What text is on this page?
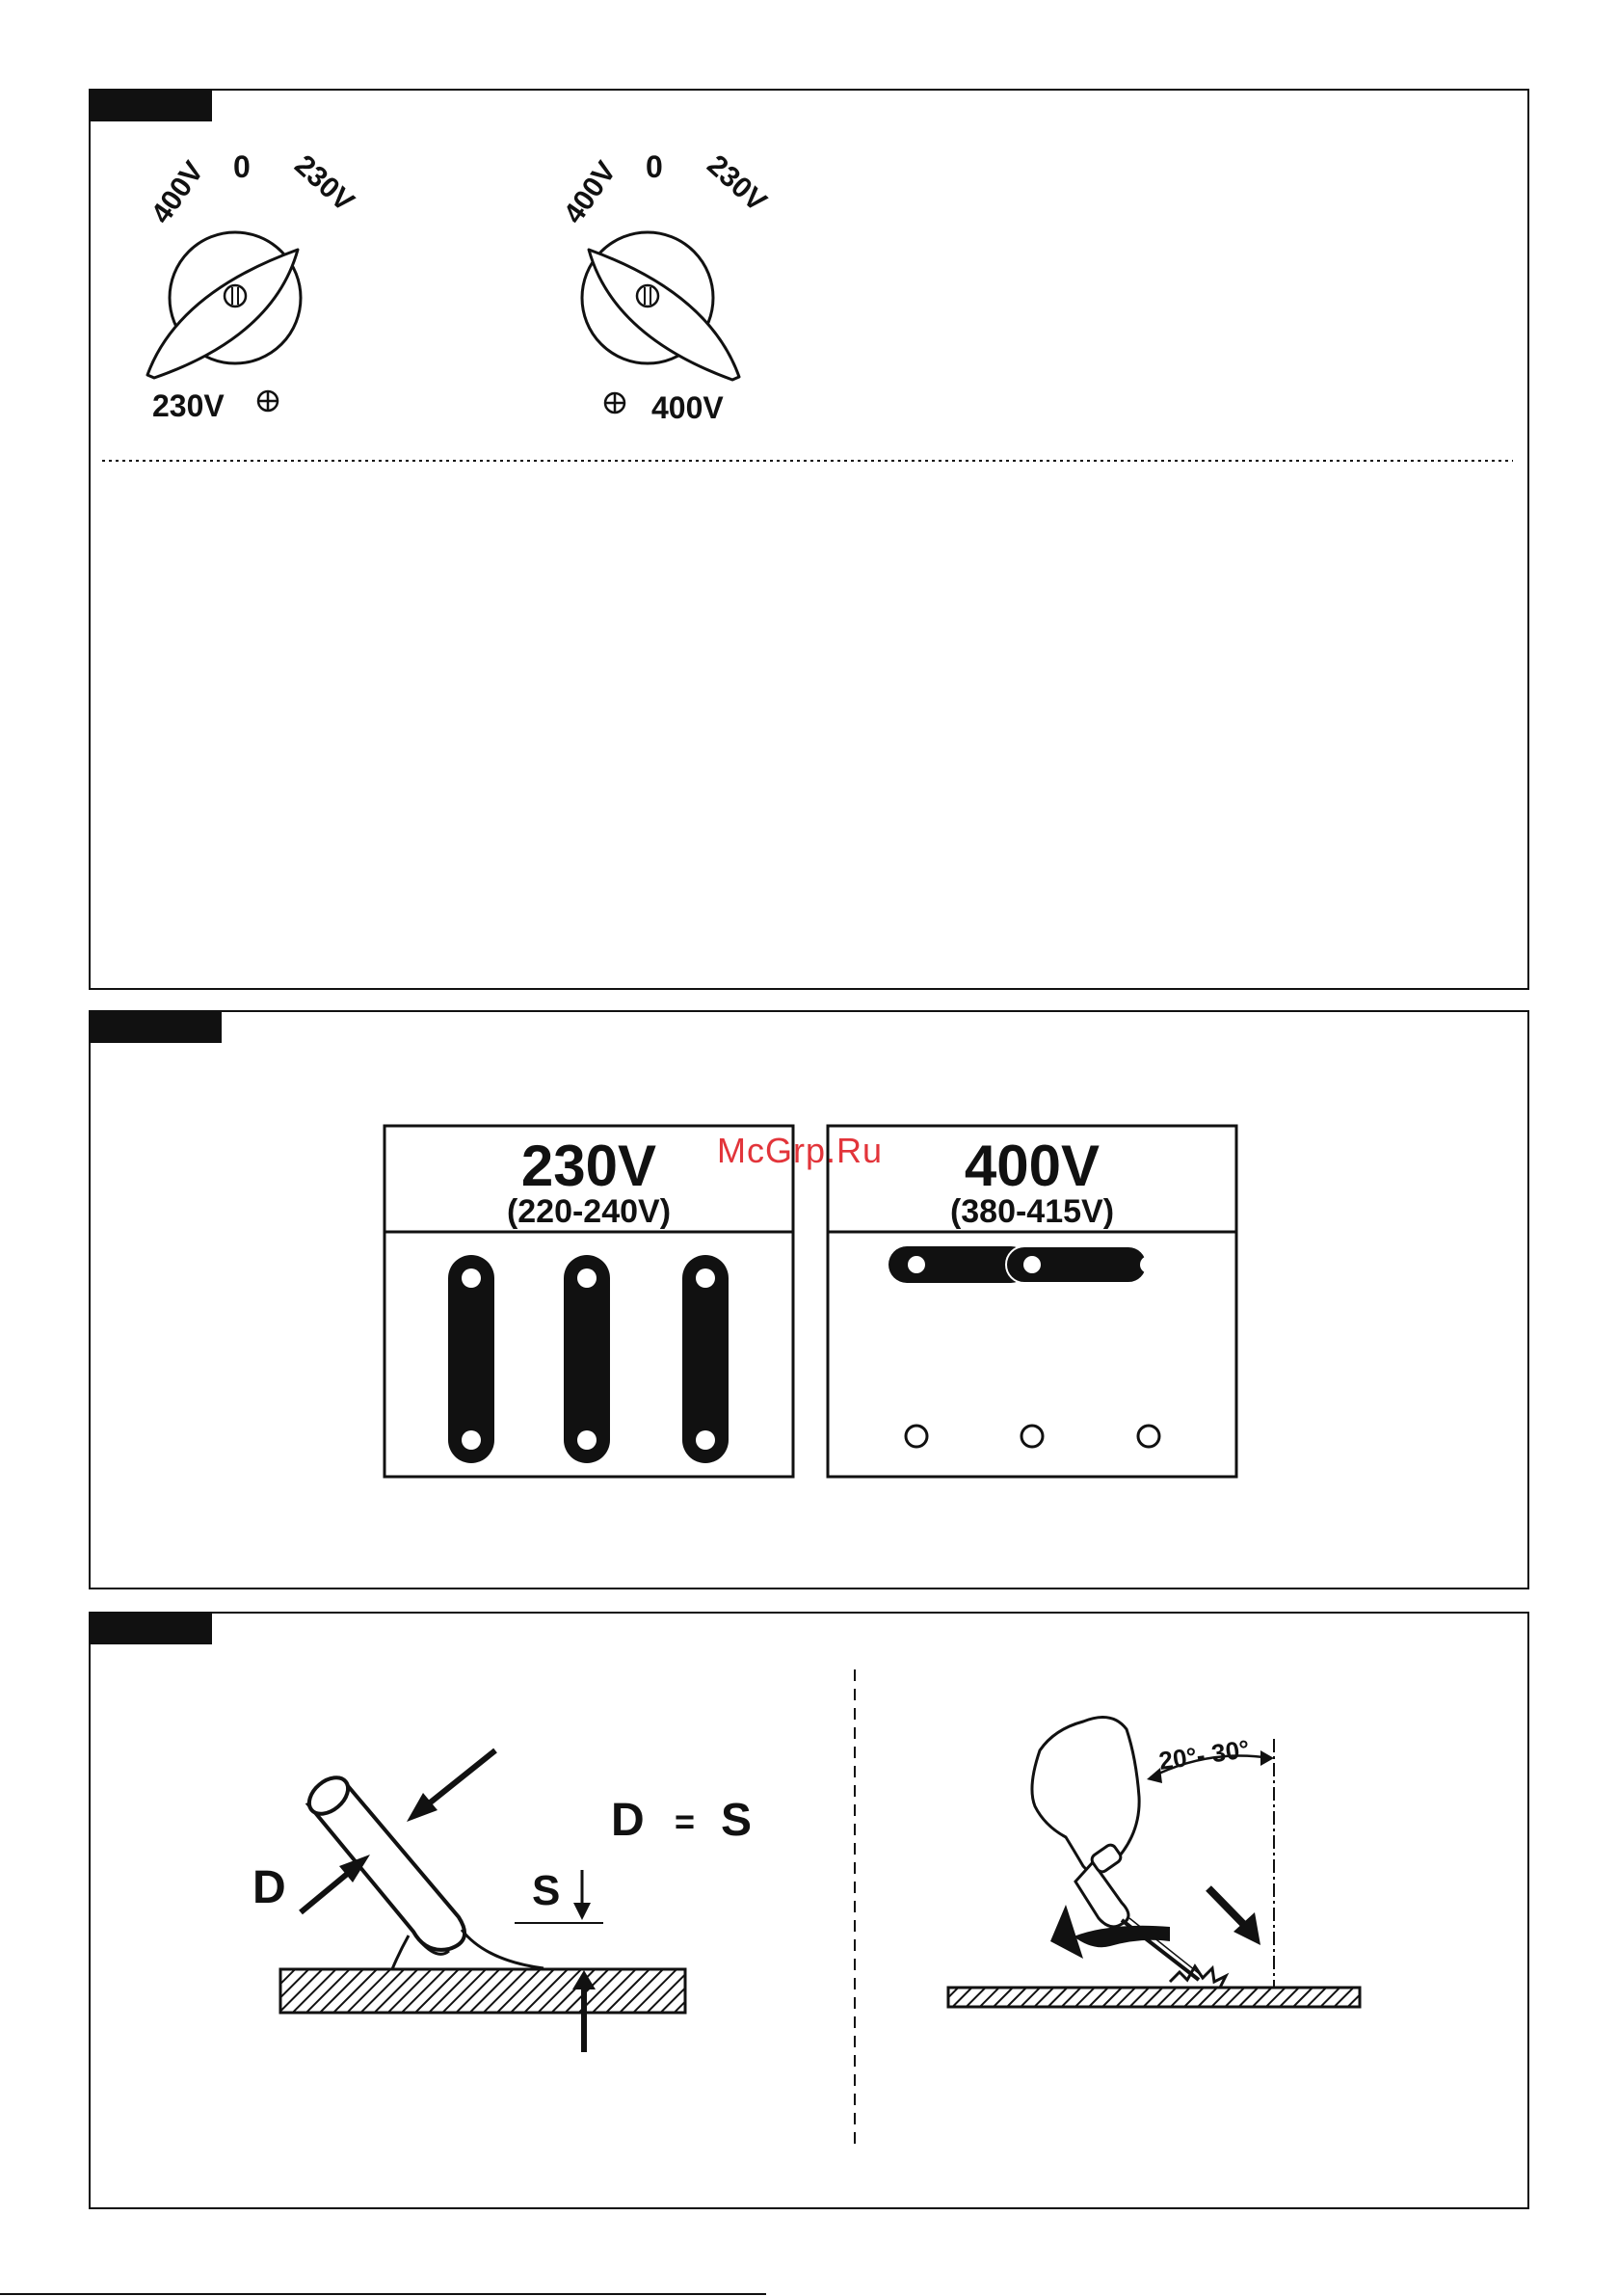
400V 0 230V
230V
400V 0 230V
400V
230V
(220-240V)
400V
(380-415V)
McGrp.Ru
D	S
D = S
20°- 30°
